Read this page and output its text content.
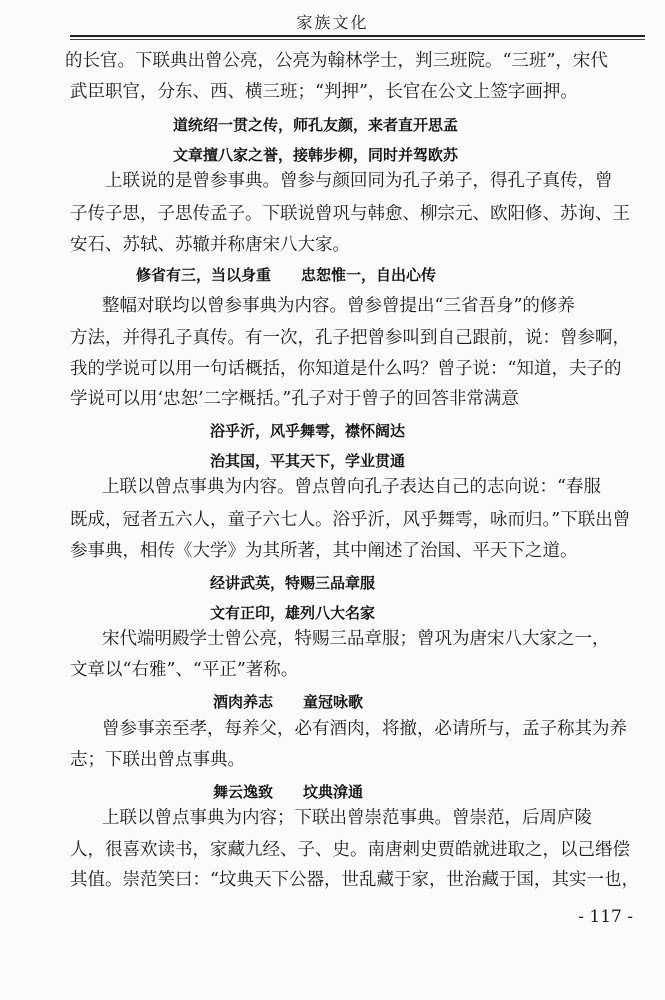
家族文化
的长官。下联典出曾公亮，公亮为翰林学士，判三班院。“三班”，宋代
武臣职官，分东、西、横三班；“判押”，长官在公文上签字画押。
道统绍一贯之传，师孔友颜，来者直开思孟
文章擅八家之誉，接韩步柳，同时并驾欧苏
上联说的是曾参事典。曾参与颜回同为孔子弟子，得孔子真传，曾
子传子思，子思传孟子。下联说曾巩与韩愈、柳宗元、欧阳修、苏询、王
安石、苏轼、苏辙并称唐宋八大家。
修省有三，当以身重　　忠恕惟一，自出心传
整幅对联均以曾参事典为内容。曾参曾提出“三省吾身”的修养
方法，并得孔子真传。有一次，孔子把曾参叫到自己跟前，说：曾参啊，
我的学说可以用一句话概括，你知道是什么吗？曾子说：“知道，夫子的
学说可以用‘忠恕’二字概括。”孔子对于曾子的回答非常满意
浴乎沂，风乎舞雩，襟怀阔达
治其国，平其天下，学业贯通
上联以曾点事典为内容。曾点曾向孔子表达自己的志向说：“春服
既成，冠者五六人，童子六七人。浴乎沂，风乎舞雩，咏而归。”下联出曾
参事典，相传《大学》为其所著，其中阐述了治国、平天下之道。
经讲武英，特赐三品章服
文有正印，雄列八大名家
宋代端明殿学士曾公亮，特赐三品章服；曾巩为唐宋八大家之一，
文章以“右雅”、“平正”著称。
酒肉养志　　童冠咏歌
曾参事亲至孝，每养父，必有酒肉，将撤，必请所与，孟子称其为养
志；下联出曾点事典。
舞云逸致　　坟典渰通
上联以曾点事典为内容；下联出曾崇范事典。曾崇范，后周庐陵
人，很喜欢读书，家藏九经、子、史。南唐刺史贾皓就进取之，以己缗偿
其值。崇范笑曰：“坟典天下公器，世乱藏于家，世治藏于国，其实一也，
- 117 -
